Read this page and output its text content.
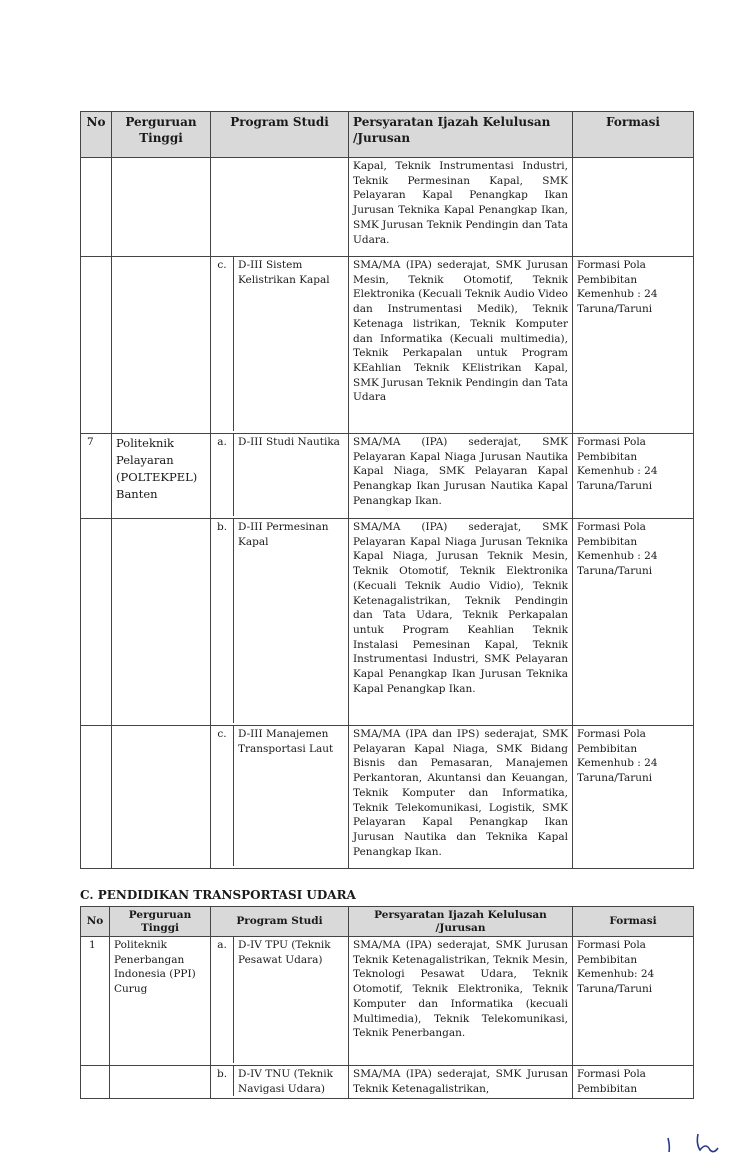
No	Perguruan Tinggi	Program Studi	Persyaratan Ijazah Kelulusan /Jurusan	Formasi
			Kapal, Teknik Instrumentasi Industri, Teknik Permesinan Kapal, SMK Pelayaran Kapal Penangkap Ikan Jurusan Teknika Kapal Penangkap Ikan, SMK Jurusan Teknik Pendingin dan Tata Udara.	

		c. D-III Sistem Kelistrikan Kapal	SMA/MA (IPA) sederajat, SMK Jurusan Mesin, Teknik Otomotif, Teknik Elektronika (Kecuali Teknik Audio Video dan Instrumentasi Medik), Teknik Ketenaga listrikan, Teknik Komputer dan Informatika (Kecuali multimedia), Teknik Perkapalan untuk Program KEahlian Teknik KElistrikan Kapal, SMK Jurusan Teknik Pendingin dan Tata Udara	Formasi Pola Pembibitan Kemenhub : 24 Taruna/Taruni
7	Politeknik Pelayaran (POLTEKPEL) Banten	a. D-III Studi Nautika	SMA/MA (IPA) sederajat, SMK Pelayaran Kapal Niaga Jurusan Nautika Kapal Niaga, SMK Pelayaran Kapal Penangkap Ikan Jurusan Nautika Kapal Penangkap Ikan.	Formasi Pola Pembibitan Kemenhub : 24 Taruna/Taruni

		b. D-III Permesinan Kapal	SMA/MA (IPA) sederajat, SMK Pelayaran Kapal Niaga Jurusan Teknika Kapal Niaga, Jurusan Teknik Mesin, Teknik Otomotif, Teknik Elektronika (Kecuali Teknik Audio Vidio), Teknik Ketenagalistrikan, Teknik Pendingin dan Tata Udara, Teknik Perkapalan untuk Program Keahlian Teknik Instalasi Pemesinan Kapal, Teknik Instrumentasi Industri, SMK Pelayaran Kapal Penangkap Ikan Jurusan Teknika Kapal Penangkap Ikan.	Formasi Pola Pembibitan Kemenhub : 24 Taruna/Taruni

		c. D-III Manajemen Transportasi Laut	SMA/MA (IPA dan IPS) sederajat, SMK Pelayaran Kapal Niaga, SMK Bidang Bisnis dan Pemasaran, Manajemen Perkantoran, Akuntansi dan Keuangan, Teknik Komputer dan Informatika, Teknik Telekomunikasi, Logistik, SMK Pelayaran Kapal Penangkap Ikan Jurusan Nautika dan Teknika Kapal Penangkap Ikan.	Formasi Pola Pembibitan Kemenhub : 24 Taruna/Taruni
C. PENDIDIKAN TRANSPORTASI UDARA
No	Perguruan Tinggi	Program Studi	Persyaratan Ijazah Kelulusan /Jurusan	Formasi
1	Politeknik Penerbangan Indonesia (PPI) Curug	a. D-IV TPU (Teknik Pesawat Udara)	SMA/MA (IPA) sederajat, SMK Jurusan Teknik Ketenagalistrikan, Teknik Mesin, Teknologi Pesawat Udara, Teknik Otomotif, Teknik Elektronika, Teknik Komputer dan Informatika (kecuali Multimedia), Teknik Telekomunikasi, Teknik Penerbangan.	Formasi Pola Pembibitan Kemenhub: 24 Taruna/Taruni

		b. D-IV TNU (Teknik Navigasi Udara)	SMA/MA (IPA) sederajat, SMK Jurusan Teknik Ketenagalistrikan,	Formasi Pola Pembibitan
